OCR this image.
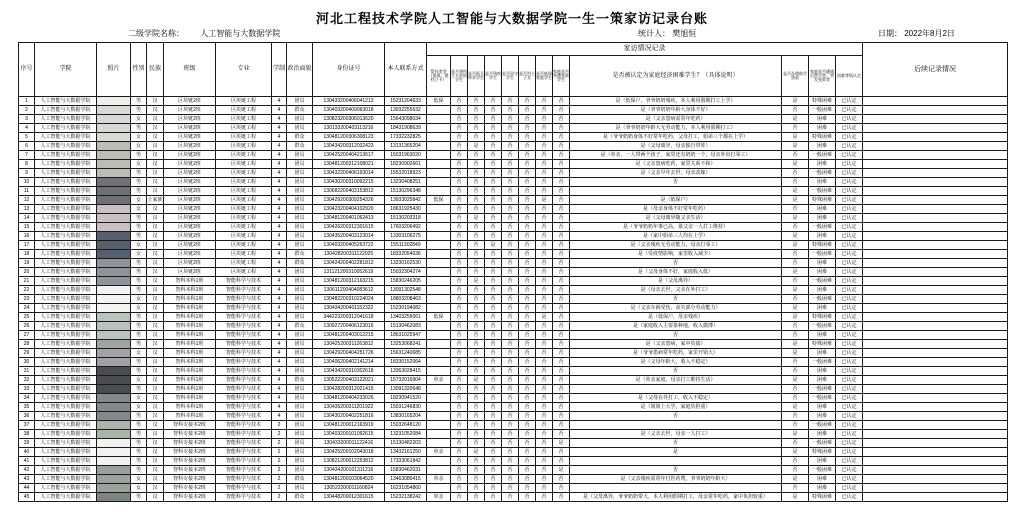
河北工程技术学院人工智能与大数据学院一生一策家访记录台账
二级学院名称： 人工智能与大数据学院	统计人： 樊旭恒	日期： 2022年8月2日
序号	学院	照片	性别	民族	班级	专业	学制	政治面貌	身份证号	本人联系方式	家访情况记录												后续记录情况
											帮扶类型（低保、建档立卡）	是否建档立卡贫困学生	是否孤儿单亲学生	是否残疾学生	是否留守学生	是否烈士子女	是否低保家庭学生	家庭是否突遭变故学生	是否被认定为家庭经济困难学生？（具体说明）	是否办理助学贷款	家庭是否遭遇自然灾害、突发变故等	困难等级认定	
1	人工智能与大数据学院		男	汉	区块链2班	区块链工程	4	团员	130433200406041213	15231204633	低保	否	否	否	否	否	否	否	是（低保户，爷爷奶奶残疾，本人利用假期打工上学）	是	特殊困难	已认定	
2	人工智能与大数据学院		男	汉	区块链2班	区块链工程	4	群众	130403200409063018	13032255632		否	否	否	否	否	否	否	是（爷爷奶奶年龄大身体不好）	否	一般困难	已认定	
3	人工智能与大数据学院		女	汉	区块链2班	区块链工程	4	团员	130823200306013620	15643098034		否	否	否	否	否	否	否	是（父亲患病需常年吃药）	是	困难	已认定	
4	人工智能与大数据学院		男	汉	区块链2班	区块链工程	4	团员	130133200403113216	18431908639		否	否	否	否	否	否	否	是（爷爷奶奶年龄大无劳动能力，本人利用假期打工）	否	困难	已认定	
5	人工智能与大数据学院		女	汉	区块链2班	区块链工程	4	群众	130481200306308123	17332232825		否	否	否	否	否	否	否	是（爷爷奶奶身体不好常年吃药，父母打工，姐弟三个都在上学）	是	特殊困难	已认定	
6	人工智能与大数据学院		女	汉	区块链2班	区块链工程	4	群众	130434200312032423	13131365204		否	是	否	否	否	否	否	是（父母离异，母亲独自带娃）	是	困难	已认定	
7	人工智能与大数据学院		男	汉	区块链2班	区块链工程	4	团员	130425200404213617	15031963020		否	否	否	否	否	否	否	是（单亲，一人带两个孩子，家里还有奶奶一个，母亲外出打零工）	否	一般困难	已认定	
8	人工智能与大数据学院		女	汉	区块链2班	区块链工程	4	团员	130481200312108021	18230902661		否	否	否	否	否	否	否	是（父亲患病吃药，家里关系不和）	是	困难	已认定	
9	人工智能与大数据学院		男	汉	区块链2班	区块链工程	4	团员	130432200406193014	15532018923		否	否	否	否	否	否	否	是（父亲早年去世，母亲改嫁）	否	一般困难	已认定	
10	人工智能与大数据学院		男	汉	区块链2班	区块链工程	4	团员	130430200310092215	13230408251		否	否	否	否	否	否	否	否	否	困难	已认定	
11	人工智能与大数据学院		男	汉	区块链2班	区块链工程	4	团员	130682200403153812	15130296348		否	否	否	否	否	否	否		是	一般困难	已认定	
12	人工智能与大数据学院		女	土家族	区块链2班	区块链工程	4	团员	130429200309254326	13933025842	低保	否	否	否	否	否	是	否	是（低保户）	是	特殊困难	已认定	
13	人工智能与大数据学院		女	汉	区块链2班	区块链工程	4	团员	130423200404102920	18631925430		否	否	否	否	否	否	否	是（母亲身体不好常年吃药）	否	困难	已认定	
14	人工智能与大数据学院		男	汉	区块链2班	区块链工程	4	团员	130481200401062413	15130203318		否	是	否	否	否	否	否	是（父母离异随父亲生活）	是	困难	已认定	
15	人工智能与大数据学院		男	汉	区块链2班	区块链工程	4	团员	130426200312301615	17603206492		否	否	否	否	否	否	否	是（爷爷奶奶年事已高，靠父亲一人打工维持）	否	一般困难	已认定	
16	人工智能与大数据学院		男	汉	区块链2班	区块链工程	4	团员	130435200403123014	13303106275		否	否	否	否	否	否	否	是（家中姐弟三人均在上学）	是	困难	已认定	
17	人工智能与大数据学院		女	汉	区块链2班	区块链工程	4	团员	130403200405263722	15511302849		否	否	是	否	否	否	否	是（父亲残疾无劳动能力，母亲打零工）	是	特殊困难	已认定	
18	人工智能与大数据学院		女	汉	区块链2班	区块链工程	4	群众	130428200311122025	18332054036		否	否	否	否	否	否	否	是（受疫情影响，家里收入减少）	否	一般困难	已认定	
19	人工智能与大数据学院		男	汉	区块链2班	区块链工程	4	群众	130424200402281812	13230162530		否	否	否	否	否	否	否	否	否	困难	已认定	
20	人工智能与大数据学院		男	汉	区块链2班	区块链工程	4	团员	131121200310052619	15032304274		否	否	否	否	否	否	否	是（父母身体不好，家庭收入低）	是	困难	已认定	
21	人工智能与大数据学院		男	汉	智科本科1班	智能科学与技术	4	团员	130481200312163215	15830246205		否	是	否	否	否	否	否	是（父母离异）	否	一般困难	已认定	
22	人工智能与大数据学院		男	汉	智科本科1班	智能科学与技术	4	团员	130611200404083612	13091302548		否	否	否	否	否	否	否	是（母亲去世，父亲在外打工）	是	困难	已认定	
23	人工智能与大数据学院		女	汉	智科本科1班	智能科学与技术	4	团员	130482200310224024	18803208463		否	否	否	否	否	否	否	否	否	一般困难	已认定	
24	人工智能与大数据学院		女	汉	智科本科1班	智能科学与技术	4	团员	130434200401152322	15230194082		否	否	否	否	否	否	否	是（父亲车祸受伤，丧失部分劳动能力）	是	困难	已认定	
25	人工智能与大数据学院		男	汉	智科本科1班	智能科学与技术	4	团员	344223200312041618	13403255061	低保	否	否	否	否	否	是	否	是（低保户，母亲残疾）	是	特殊困难	已认定	
26	人工智能与大数据学院		男	汉	智科本科1班	智能科学与技术	4	群众	130927200406123016	15130462083		否	否	否	否	否	否	否	是（家庭收入主要靠种地，收入微薄）	否	一般困难	已认定	
27	人工智能与大数据学院		男	汉	智科本科1班	智能科学与技术	4	团员	130481200403012215	18631025947		否	否	否	否	否	否	否	否	否	困难	已认定	
28	人工智能与大数据学院		男	汉	智科本科1班	智能科学与技术	4	团员	130425200311263812	13253068241		否	否	否	否	否	否	否	是（父亲患病，家中负债）	是	特殊困难	已认定	
29	人工智能与大数据学院		女	汉	智科本科1班	智能科学与技术	4	团员	130429200404251726	15631240685		否	否	否	否	否	否	否	是（爷爷患病常年吃药，家里开销大）	是	困难	已认定	
30	人工智能与大数据学院		男	汉	智科本科1班	智能科学与技术	4	团员	130406200402141214	18330152064		否	否	否	否	否	否	否	是（父母年龄大，收入不稳定）	否	一般困难	已认定	
31	人工智能与大数据学院		男	汉	智科本科1班	智能科学与技术	4	团员	130434200310302618	13363028415		否	否	否	否	否	否	否	否	否	困难	已认定	
32	人工智能与大数据学院		女	汉	智科本科1班	智能科学与技术	4	群众	130522200403122021	15732016904	单亲	否	是	否	否	否	否	否	是（单亲家庭，母亲打工维持生活）	是	困难	已认定	
33	人工智能与大数据学院		男	汉	智科本科1班	智能科学与技术	4	团员	130428200312021415	13091320648		否	否	否	否	否	否	否		否	一般困难	已认定	
34	人工智能与大数据学院		女	汉	智科本科1班	智能科学与技术	4	团员	130481200404233026	18230941520		否	否	否	否	否	否	否	是（父母在外打工，收入不稳定）	否	一般困难	已认定	
35	人工智能与大数据学院		女	汉	智科本科1班	智能科学与技术	4	团员	130435200311201922	15031246830		否	否	否	否	否	否	否	是（姐姐上大学，家庭负担重）	是	困难	已认定	
36	人工智能与大数据学院		男	汉	智科本科1班	智能科学与技术	4	团员	130430200402251816	13830165204		否	否	否	否	否	否	否	否	否	困难	已认定	
37	人工智能与大数据学院		男	汉	智科专接本2班	智能科学与技术	2	团员	130481200012163919	15032648120		否	否	否	否	否	否	否		否	一般困难	已认定	
38	人工智能与大数据学院		男	汉	智科专接本2班	智能科学与技术	2	团员	130403200101092615	13231052084		否	否	否	否	否	否	否	是（父亲去世，母亲一人打工）	是	困难	已认定	
39	人工智能与大数据学院		男	汉	智科专接本2班	智能科学与技术	2	团员	130433200011122416	15130482203		否	否	否	否	否	否	是	否	否	一般困难	已认定	
40	人工智能与大数据学院		男	汉	智科专接本2班	智能科学与技术	2	团员	130425200102043018	13432161250	单亲	否	是	否	否	否	否	否	是	是	特殊困难	已认定	
41	人工智能与大数据学院		男	汉	智科专接本2班	智能科学与技术	2	团员	130821200012253812	17333061842		否	否	否	否	否	否	否		否	困难	已认定	
42	人工智能与大数据学院		男	汉	智科专接本2班	智能科学与技术	2	团员	130434200101311216	15830462031		否	否	否	否	否	否	是	否	否	一般困难	已认定	
43	人工智能与大数据学院		女	汉	智科专接本2班	智能科学与技术	2	群众	130481200103064520	13463080415	单亲	否	否	否	否	否	否	否	是（父亲残疾需常年付医药费，爷爷奶奶年龄大）	是	困难	已认定	
44	人工智能与大数据学院		女	汉	智科专接本2班	智能科学与技术	2	团员	130522200011160824	16231054860		否	否	否	否	否	否	否		否	困难	已认定	
45	人工智能与大数据学院		男	汉	智科专接本2班	智能科学与技术	2	群众	130448200012301615	15232138242	单亲	否	否	否	否	否	否	否	是（父母离异，爷爷奶奶带大，本人利用假期打工，母亲常年吃药，家中负担较重）	是	特殊困难	已认定	
